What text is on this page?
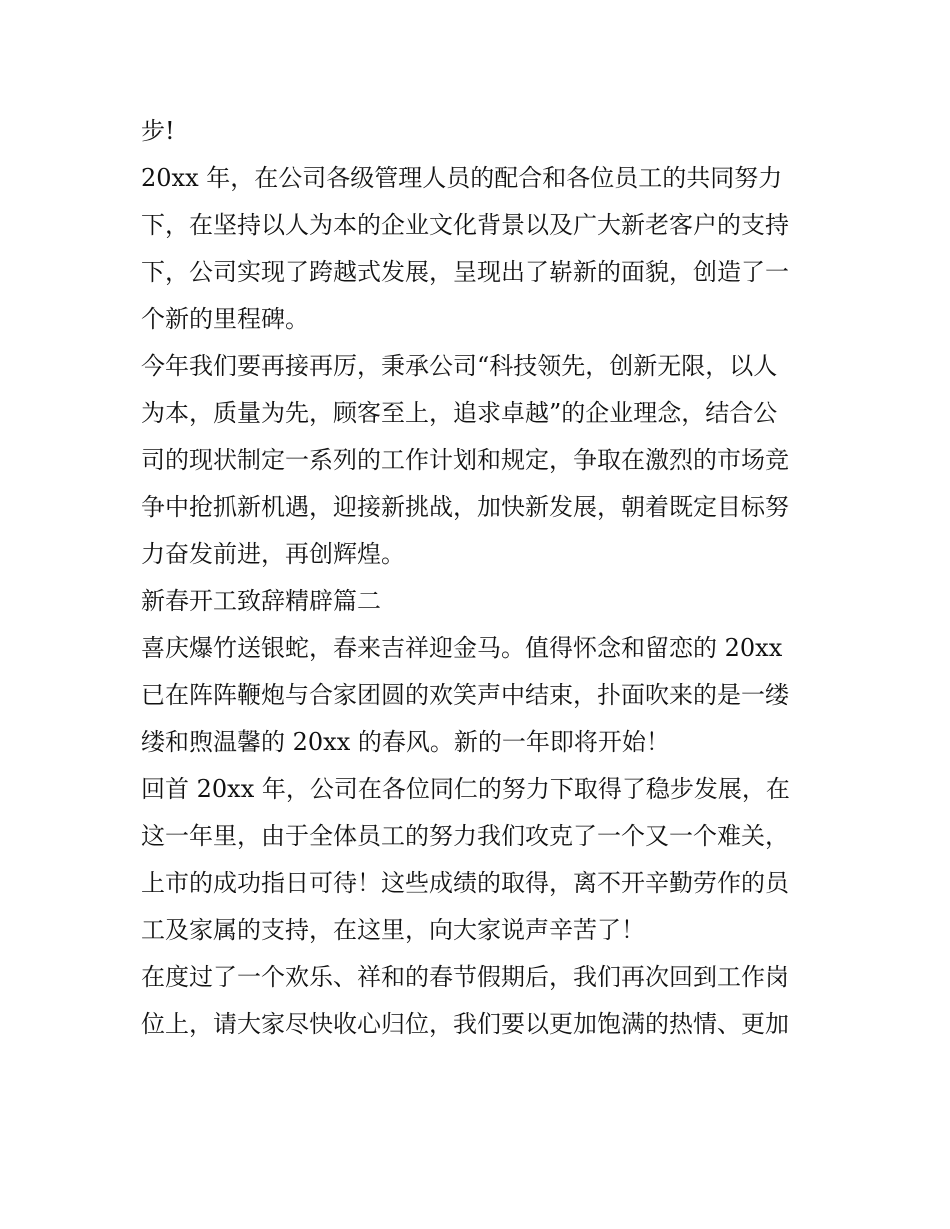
步!

20xx 年，在公司各级管理人员的配合和各位员工的共同努力

下，在坚持以人为本的企业文化背景以及广大新老客户的支持

下，公司实现了跨越式发展，呈现出了崭新的面貌，创造了一

个新的里程碑。

今年我们要再接再厉，秉承公司“科技领先，创新无限，以人

为本，质量为先，顾客至上，追求卓越”的企业理念，结合公

司的现状制定一系列的工作计划和规定，争取在激烈的市场竞

争中抢抓新机遇，迎接新挑战，加快新发展，朝着既定目标努

力奋发前进，再创辉煌。

新春开工致辞精辟篇二

喜庆爆竹送银蛇，春来吉祥迎金马。值得怀念和留恋的 20xx

已在阵阵鞭炮与合家团圆的欢笑声中结束，扑面吹来的是一缕

缕和煦温馨的 20xx 的春风。新的一年即将开始！

回首 20xx 年，公司在各位同仁的努力下取得了稳步发展，在

这一年里，由于全体员工的努力我们攻克了一个又一个难关，

上市的成功指日可待！这些成绩的取得，离不开辛勤劳作的员

工及家属的支持，在这里，向大家说声辛苦了！

在度过了一个欢乐、祥和的春节假期后，我们再次回到工作岗

位上，请大家尽快收心归位，我们要以更加饱满的热情、更加
